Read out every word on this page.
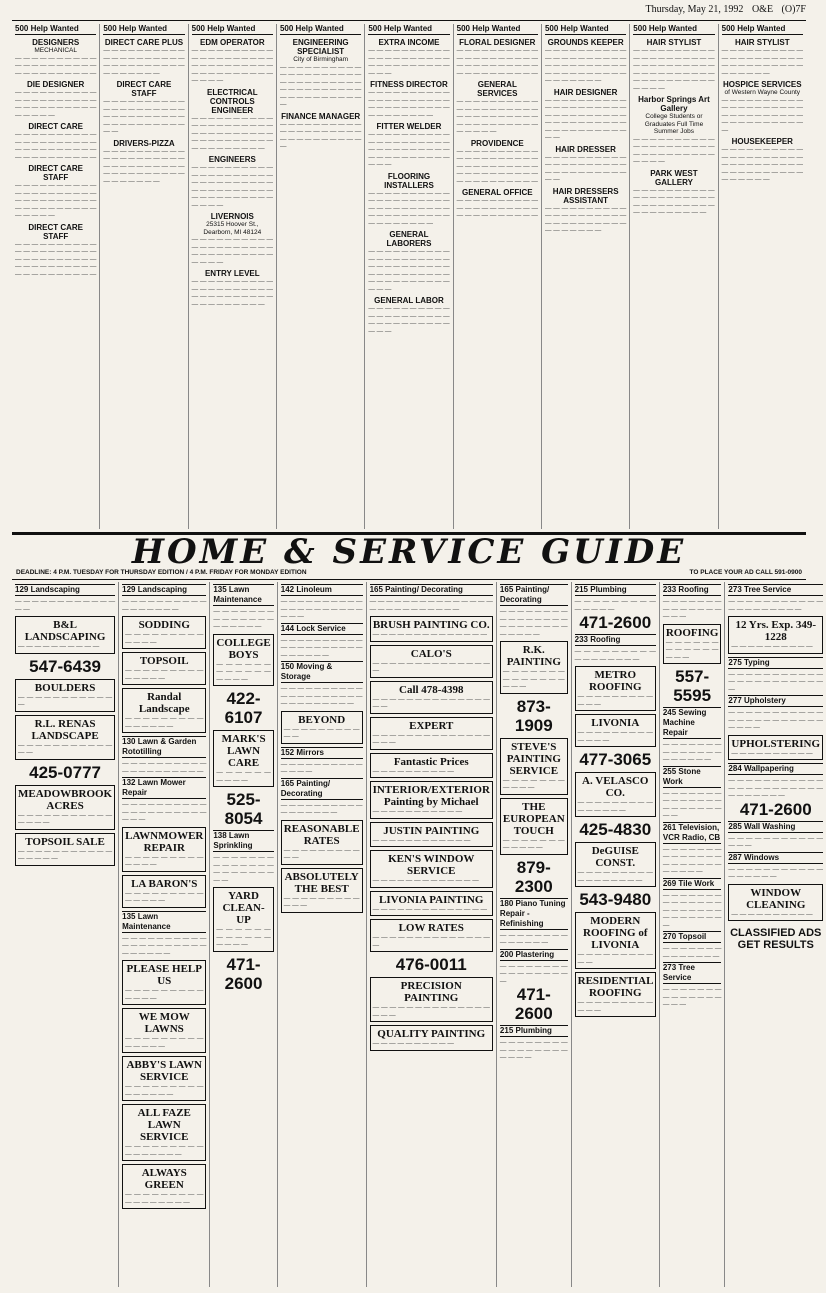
Thursday, May 21, 1992 O&E (O)7F
500 Help Wanted
DESIGNERS
MECHANICAL
— — — — — — — — — — — — — — — — — — — — — — — — — — — — — —
DIE DESIGNER
— — — — — — — — — — — — — — — — — — — — — — — — — — — — — — — — — — —
DIRECT CARE
— — — — — — — — — — — — — — — — — — — — — — — — — — — — — — — — — — — — — — — —
DIRECT CARE STAFF
— — — — — — — — — — — — — — — — — — — — — — — — — — — — — — — — — — — — — — — — — — — — —
DIRECT CARE STAFF
— — — — — — — — — — — — — — — — — — — — — — — — — — — — — — — — — — — — — — — — — — — — — — — — — —
500 Help Wanted
DIRECT CARE PLUS
— — — — — — — — — — — — — — — — — — — — — — — — — — — — — — — — — — — — —
DIRECT CARE STAFF
— — — — — — — — — — — — — — — — — — — — — — — — — — — — — — — — — — — — — — — — — —
DRIVERS-PIZZA
— — — — — — — — — — — — — — — — — — — — — — — — — — — — — — — — — — — — — — — — — — — — — — —
500 Help Wanted
EDM OPERATOR
— — — — — — — — — — — — — — — — — — — — — — — — — — — — — — — — — — — — — — — — — — — —
ELECTRICAL CONTROLS ENGINEER
— — — — — — — — — — — — — — — — — — — — — — — — — — — — — — — — — — — — — — — — — — — — — — — — —
ENGINEERS
— — — — — — — — — — — — — — — — — — — — — — — — — — — — — — — — — — — — — — — — — — — — — — — — — — — — — —
LIVERNOIS
25315 Hoover St., Dearborn, MI 48124
— — — — — — — — — — — — — — — — — — — — — — — — — — — — — — — — — —
ENTRY LEVEL
— — — — — — — — — — — — — — — — — — — — — — — — — — — — — — — — — — — — — — —
500 Help Wanted
ENGINEERING SPECIALIST
City of Birmingham
— — — — — — — — — — — — — — — — — — — — — — — — — — — — — — — — — — — — — — — — — — — — — — — — — — —
FINANCE MANAGER
— — — — — — — — — — — — — — — — — — — — — — — — — — — — — — —
500 Help Wanted
EXTRA INCOME
— — — — — — — — — — — — — — — — — — — — — — — — — — — — — — — — —
FITNESS DIRECTOR
— — — — — — — — — — — — — — — — — — — — — — — — — — — — — — — — — — — — — —
FITTER WELDER
— — — — — — — — — — — — — — — — — — — — — — — — — — — — — — — — — — — — — — — — — — —
FLOORING INSTALLERS
— — — — — — — — — — — — — — — — — — — — — — — — — — — — — — — — — — — — — — — — — — — — — — — —
GENERAL LABORERS
— — — — — — — — — — — — — — — — — — — — — — — — — — — — — — — — — — — — — — — — — — — — — — — — — — — — —
GENERAL LABOR
— — — — — — — — — — — — — — — — — — — — — — — — — — — — — — — — —
500 Help Wanted
FLORAL DESIGNER
— — — — — — — — — — — — — — — — — — — — — — — — — — — — — — — — — — — — — — — —
GENERAL SERVICES
— — — — — — — — — — — — — — — — — — — — — — — — — — — — — — — — — — — — — — — — — — — — —
PROVIDENCE
— — — — — — — — — — — — — — — — — — — — — — — — — — — — — — — — — — — — — — — — — — — — — — — — — —
GENERAL OFFICE
— — — — — — — — — — — — — — — — — — — — — — — — — — — — — —
500 Help Wanted
GROUNDS KEEPER
— — — — — — — — — — — — — — — — — — — — — — — — — — — — — — — — — — — — — — — — — — — — — — —
HAIR DESIGNER
— — — — — — — — — — — — — — — — — — — — — — — — — — — — — — — — — — — — — — — — — — — — — — — — — — — —
HAIR DRESSER
— — — — — — — — — — — — — — — — — — — — — — — — — — — — — — — —
HAIR DRESSERS ASSISTANT
— — — — — — — — — — — — — — — — — — — — — — — — — — — — — — — — — — — — —
500 Help Wanted
HAIR STYLIST
— — — — — — — — — — — — — — — — — — — — — — — — — — — — — — — — — — — — — — — — — — — — — — — — — — — — — —
Harbor Springs Art Gallery
College Students or Graduates Full Time Summer Jobs
— — — — — — — — — — — — — — — — — — — — — — — — — — — — — — — — — —
PARK WEST GALLERY
— — — — — — — — — — — — — — — — — — — — — — — — — — — — — — — — — — — — — — —
500 Help Wanted
HAIR STYLIST
— — — — — — — — — — — — — — — — — — — — — — — — — — — — — — — — — — — —
HOSPICE SERVICES
of Western Wayne County
— — — — — — — — — — — — — — — — — — — — — — — — — — — — — — — — — — — — — — — — —
HOUSEKEEPER
— — — — — — — — — — — — — — — — — — — — — — — — — — — — — — — — — — — — — — — — — — — — — —
HOME & SERVICE GUIDE
DEADLINE: 4 P.M. TUESDAY FOR THURSDAY EDITION / 4 P.M. FRIDAY FOR MONDAY EDITION	TO PLACE YOUR AD CALL 591-0900
129 Landscaping
— — — — — — — — — — — — — —
B&L LANDSCAPING
— — — — — — — — — —
547-6439
BOULDERS
— — — — — — — — — — — —
R.L. RENAS LANDSCAPE
— — — — — — — — — — — — —
425-0777
MEADOWBROOK ACRES
— — — — — — — — — — — — — — —
TOPSOIL SALE
— — — — — — — — — — — — — — — —
129 Landscaping
— — — — — — — — — — — — — — — — —
SODDING
— — — — — — — — — — — — —
TOPSOIL
— — — — — — — — — — — — — —
Randal Landscape
— — — — — — — — — — — — — — —
130 Lawn & Garden Rototilling
— — — — — — — — — — — — — — — — — — — —
132 Lawn Mower Repair
— — — — — — — — — — — — — — — — — — — — — — —
LAWNMOWER REPAIR
— — — — — — — — — — — — —
LA BARON'S
— — — — — — — — — — — — — —
135 Lawn Maintenance
— — — — — — — — — — — — — — — — — — — — — — — — — —
PLEASE HELP US
— — — — — — — — — — — — —
WE MOW LAWNS
— — — — — — — — — — — — — —
ABBY'S LAWN SERVICE
— — — — — — — — — — — — — — —
ALL FAZE LAWN SERVICE
— — — — — — — — — — — — — — — —
ALWAYS GREEN
— — — — — — — — — — — — — — — — —
135 Lawn Maintenance
— — — — — — — — — — — — — — — — — — — —
COLLEGE BOYS
— — — — — — — — — — — — — — — —
422-6107
MARK'S LAWN CARE
— — — — — — — — — —
525-8054
138 Lawn Sprinkling
— — — — — — — — — — — — — — — — — — — — — — —
YARD CLEAN-UP
— — — — — — — — — — — — — — — —
471-2600
142 Linoleum
— — — — — — — — — — — — — — — — — — — — — — —
144 Lock Service
— — — — — — — — — — — — — — — — — — — — — — — — — —
150 Moving & Storage
— — — — — — — — — — — — — — — — — — — — — — — — — — — — —
BEYOND
— — — — — — — — — — —
152 Mirrors
— — — — — — — — — — — — — —
165 Painting/ Decorating
— — — — — — — — — — — — — — — — —
REASONABLE RATES
— — — — — — — — — — —
ABSOLUTELY THE BEST
— — — — — — — — — — — —
165 Painting/ Decorating
— — — — — — — — — — — — — — — — — — — — — — — — — —
BRUSH PAINTING CO.
— — — — — — — — — — — — — —
CALO'S
— — — — — — — — — — — — — — —
Call 478-4398
— — — — — — — — — — — — — — — —
EXPERT
— — — — — — — — — — — — — — — — —
Fantastic Prices
— — — — — — — — — —
INTERIOR/EXTERIOR Painting by Michael
— — — — — — — — — — —
JUSTIN PAINTING
— — — — — — — — — — — —
KEN'S WINDOW SERVICE
— — — — — — — — — — — — —
LIVONIA PAINTING
— — — — — — — — — — — — — —
LOW RATES
— — — — — — — — — — — — — — —
476-0011
PRECISION PAINTING
— — — — — — — — — — — — — — — — —
QUALITY PAINTING
— — — — — — — — — —
165 Painting/ Decorating
— — — — — — — — — — — — — — — — — — — — — — — — — — — — —
R.K. PAINTING
— — — — — — — — — — — — — — — — —
873-1909
STEVE'S PAINTING SERVICE
— — — — — — — — — — —
THE EUROPEAN TOUCH
— — — — — — — — — — — —
879-2300
180 Piano Tuning Repair - Refinishing
— — — — — — — — — — — — — —
200 Plastering
— — — — — — — — — — — — — — — — —
471-2600
215 Plumbing
— — — — — — — — — — — — — — — — — — — —
215 Plumbing
— — — — — — — — — — — — — —
471-2600
233 Roofing
— — — — — — — — — — — — — — — — —
METRO ROOFING
— — — — — — — — — — — —
LIVONIA
— — — — — — — — — — — — —
477-3065
A. VELASCO CO.
— — — — — — — — — — — — — — —
425-4830
DeGUISE CONST.
— — — — — — — — — — — — — — — — —
543-9480
MODERN ROOFING of LIVONIA
— — — — — — — — — — —
RESIDENTIAL ROOFING
— — — — — — — — — — — —
233 Roofing
— — — — — — — — — — — — — — — — —
ROOFING
— — — — — — — — — — — — — — —
557-5595
245 Sewing Machine Repair
— — — — — — — — — — — — — — — — — — — —
255 Stone Work
— — — — — — — — — — — — — — — — — — — — — — —
261 Television, VCR Radio, CB
— — — — — — — — — — — — — — — — — — — — — — — — — —
269 Tile Work
— — — — — — — — — — — — — — — — — — — — — — — — — — — — —
270 Topsoil
— — — — — — — — — — — — — —
273 Tree Service
— — — — — — — — — — — — — — — — —
273 Tree Service
— — — — — — — — — — — — — — — — — — — —
12 Yrs. Exp. 349-1228
— — — — — — — — — —
275 Typing
— — — — — — — — — — — — — — — — — — — — — — —
277 Upholstery
— — — — — — — — — — — — — — — — — — — — — — — — — —
UPHOLSTERING
— — — — — — — — — —
284 Wallpapering
— — — — — — — — — — — — — — — — — — — — — — — — — — — — —
471-2600
285 Wall Washing
— — — — — — — — — — — — — —
287 Windows
— — — — — — — — — — — — — — — — —
WINDOW CLEANING
— — — — — — — — — —
CLASSIFIED ADS GET RESULTS
